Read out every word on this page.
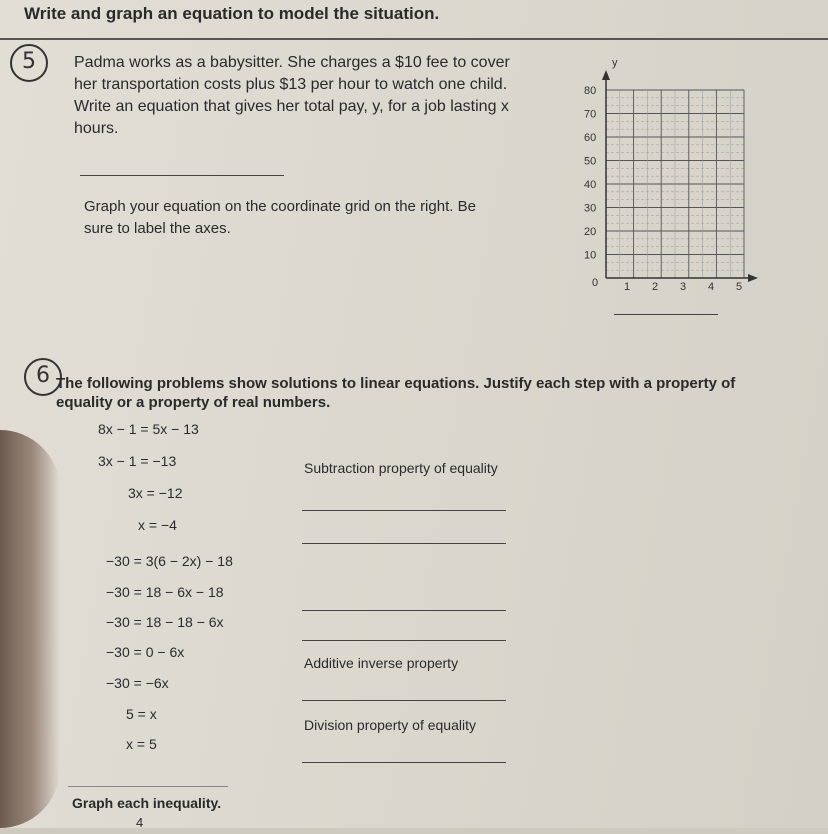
Write and graph an equation to model the situation.
5	Padma works as a babysitter. She charges a $10 fee to cover her transportation costs plus $13 per hour to watch one child. Write an equation that gives her total pay, y, for a job lasting x hours.

Graph your equation on the coordinate grid on the right. Be sure to label the axes.

y
80
70
60
50
40
30
20
10
0 1 2 3 4 5
6 The following problems show solutions to linear equations. Justify each step with a property of equality or a property of real numbers.

8x − 1 = 5x − 13
3x − 1 = −13	Subtraction property of equality
3x = −12
x = −4
−30 = 3(6 − 2x) − 18
−30 = 18 − 6x − 18
−30 = 18 − 18 − 6x
−30 = 0 − 6x
Additive inverse property
−30 = −6x
5 = x
Division property of equality
x = 5
Graph each inequality.
4
